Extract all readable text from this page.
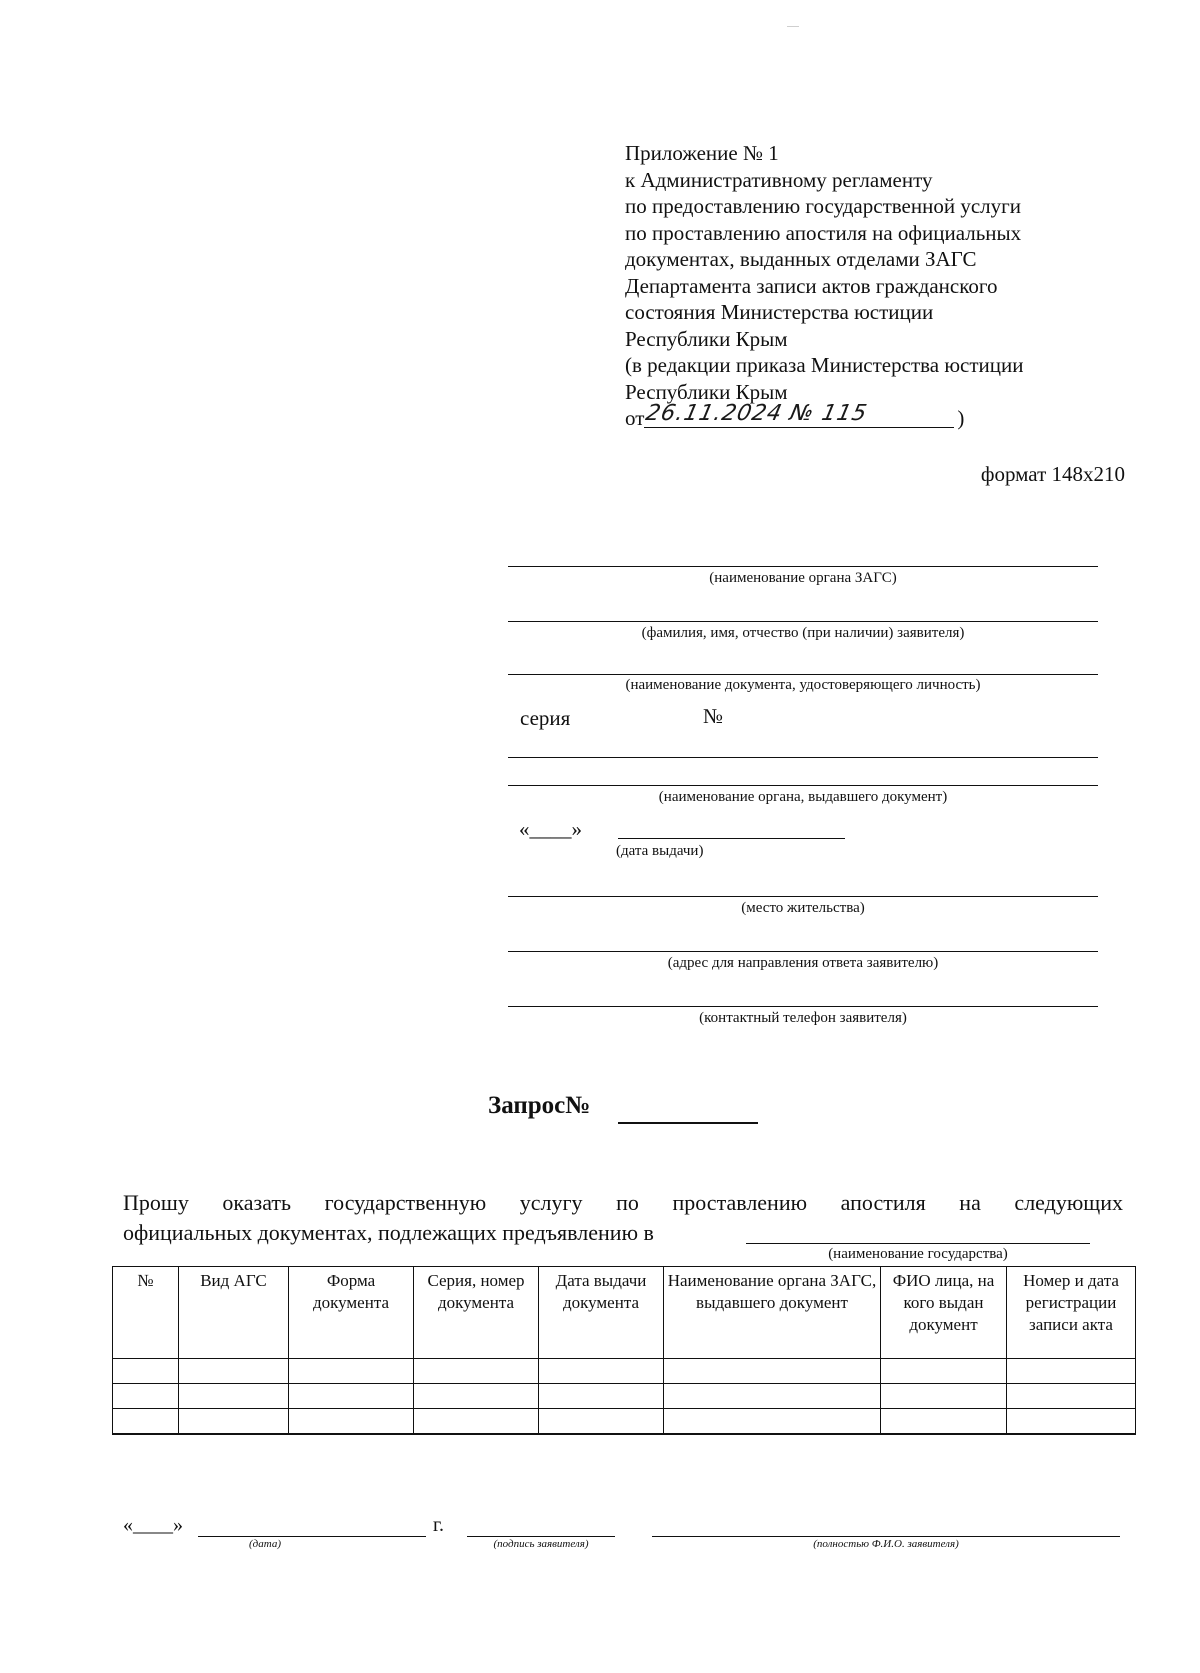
Приложение № 1
к Административному регламенту
по предоставлению государственной услуги
по проставлению апостиля на официальных
документах, выданных отделами ЗАГС
Департамента записи актов гражданского
состояния Министерства юстиции
Республики Крым
(в редакции приказа Министерства юстиции
Республики Крым
от 26.11.2024 № 115	)
формат 148х210
(наименование органа ЗАГС)
(фамилия, имя, отчество (при наличии) заявителя)
(наименование документа, удостоверяющего личность)
серия	№
(наименование органа, выдавшего документ)
«____»
(дата выдачи)
(место жительства)
(адрес для направления ответа заявителю)
(контактный телефон заявителя)
Запрос№
Прошу оказать государственную услугу по проставлению апостиля на следующих
официальных документах, подлежащих предъявлению в
(наименование государства)
№	Вид АГС	Форма документа	Серия, номер документа	Дата выдачи документа	Наименование органа ЗАГС, выдавшего документ	ФИО лица, на кого выдан документ	Номер и дата регистрации записи акта

«____»
(дата)
г.
(подпись заявителя)	(полностью Ф.И.О. заявителя)
